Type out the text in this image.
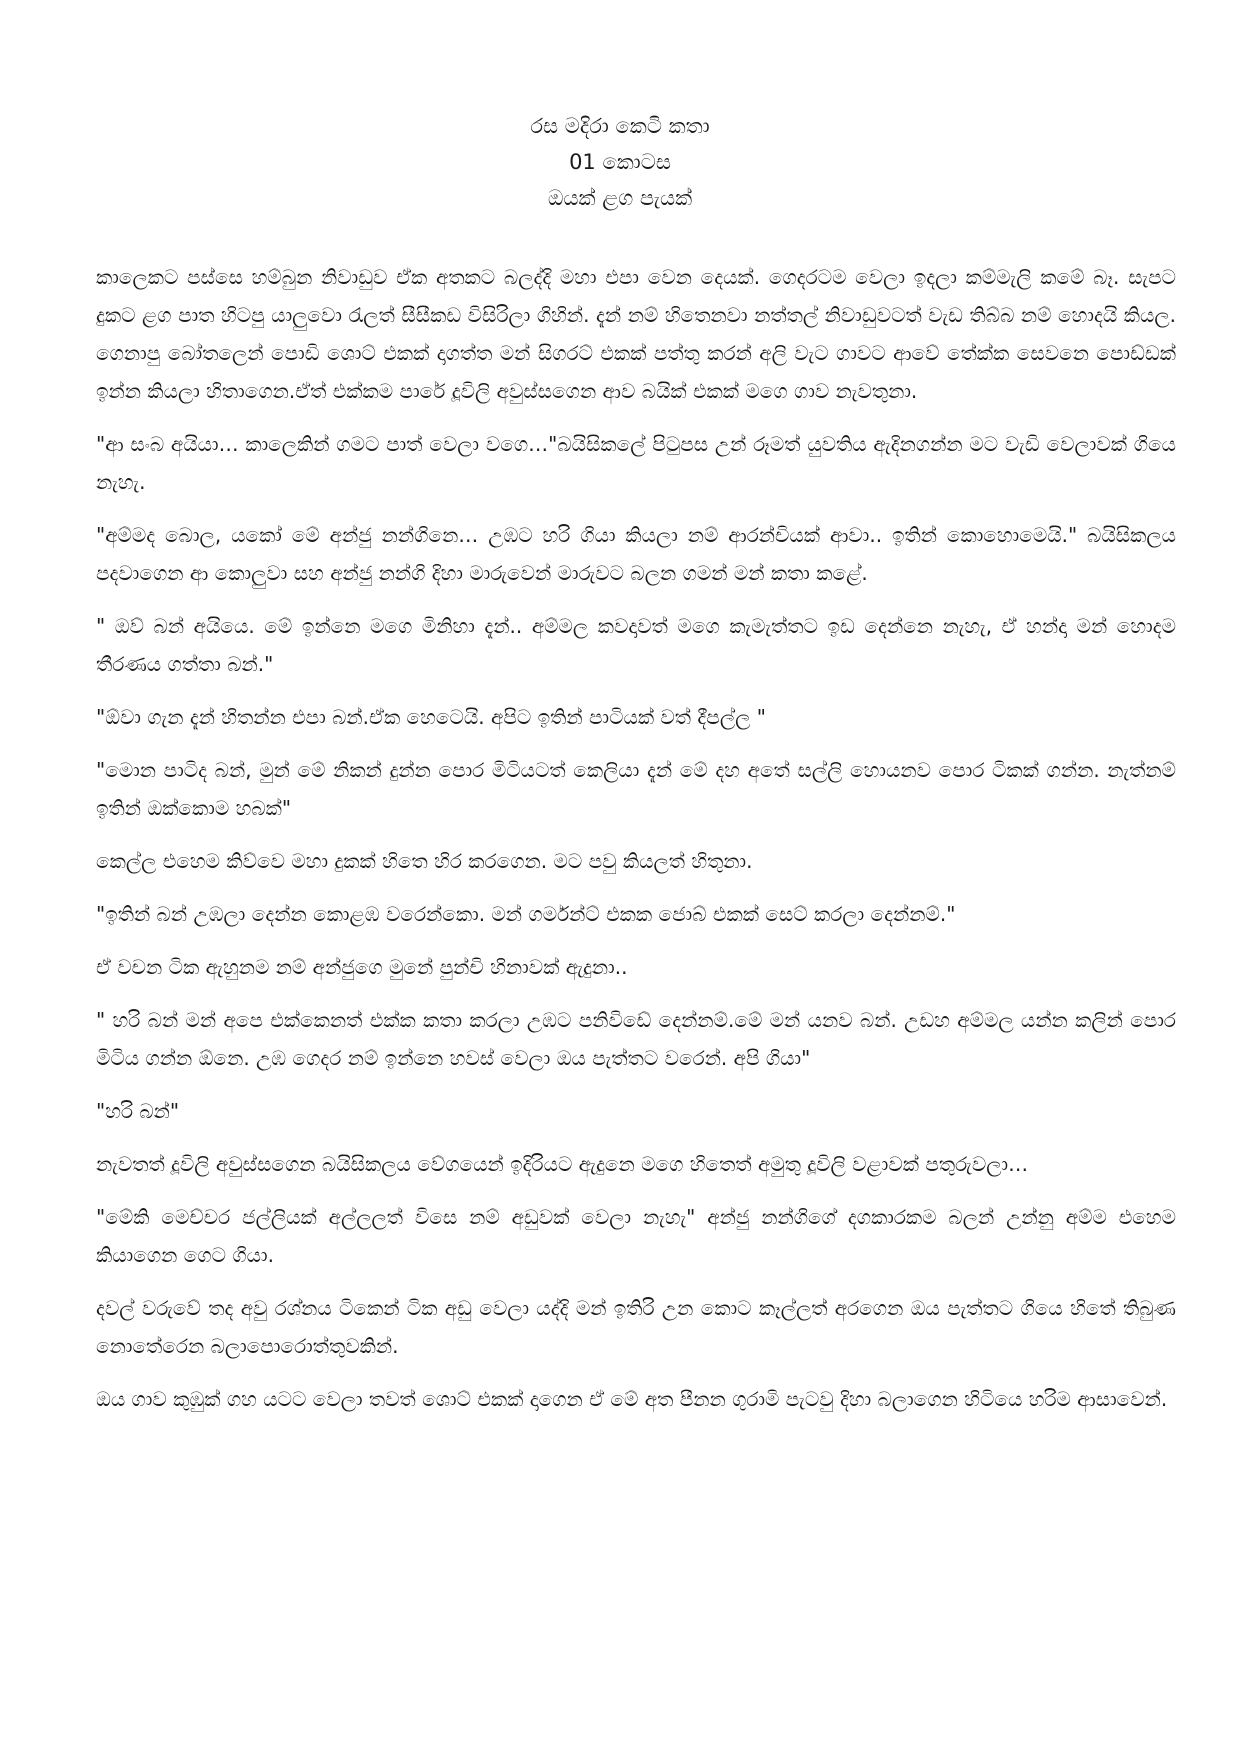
රස මදිරා කෙටි කතා
01 කොටස
ඔයක් ළග පැයක්

කාලෙකට පස්සෙ හම්බුන නිවාඩුව ඒක අතකට බලද්දි මහා එපා වෙන දෙයක්. ගෙදරටම වෙලා ඉදලා කම්මැලි කමේ බෑ. සැපට දුකට ළග පාත හිටපු යාලුවො රැලත් සීසීකඩ විසිරිලා ගිහින්. දැන් නම් හිතෙනවා නත්තල් නිවාඩුවටත් වැඩ තිබ්බ නම් හොදයි කියල. ගෙනාපු බෝතලෙන් පොඩි ශොට් එකක් දාගත්ත මන් සිගරට් එකක් පත්තු කරන් අලි වැට ගාවට ආවේ තේක්ක සෙවනෙ පොඩ්ඩක් ඉන්න කියලා හිතාගෙන.ඒත් එක්කම පාරේ දූවිලි අවුස්සගෙන ආව බයික් එකක් මගෙ ගාව නැවතුනා.

"ආ සංබ අයියා… කාලෙකින් ගමට පාත් වෙලා වගෙ…"බයිසිකලේ පිටුපස උන් රූමත් යුවතිය ඇදිනගන්න මට වැඩි වෙලාවක් ගියෙ නැහැ.

"අම්මද බොල, යකෝ මේ අන්ජු නන්ගිනෙ… උඹට හරි ගියා කියලා නම් ආරන්චියක් ආවා.. ඉතින් කොහොමෙයි." බයිසිකලය පදවාගෙන ආ කොලුවා සහ අන්ජු නන්ගි දිහා මාරුවෙන් මාරුවට බලන ගමන් මන් කතා කළේ.

" ඔව් බන් අයියෙ. මේ ඉන්නෙ මගෙ මිනිහා දැන්.. අම්මල කවදාවත් මගෙ කැමැත්තට ඉඩ දෙන්නෙ නැහැ, ඒ හන්දා මන් හොදම තීරණය ගත්තා බන්."

"ඕවා ගැන දැන් හිතන්න එපා බන්.ඒක හෙටෙයි. අපිට ඉතින් පාටියක් වත් දීපල්ල "

"මොන පාටිද බන්, මුන් මේ නිකන් දුන්න පොර මිටියටත් කෙලියා දැන් මේ දහ අතේ සල්ලි හොයනව පොර ටිකක් ගන්න. නැත්නම් ඉතින් ඔක්කොම හබක්"

කෙල්ල එහෙම කිව්වෙ මහා දුකක් හිතෙ හිර කරගෙන. මට පවු කියලත් හිතුනා.

"ඉතින් බන් උඹලා දෙන්න කොළඹ වරෙන්කො. මන් ගර්මන්ට් එකක ජොබ් එකක් සෙට් කරලා දෙන්නම්."

ඒ වචන ටික ඇහුනම නම් අන්ජුගෙ මුනේ පුන්චි හිනාවක් ඇදුනා..

" හරි බන් මන් අපෙ එක්කෙනත් එක්ක කතා කරලා උඹට පනිවිඩේ දෙන්නම්.මේ මන් යනව බන්. උඩහ අම්මල යන්න කලින් පොර මිටිය ගන්න ඕනෙ. උඹ ගෙදර නම් ඉන්නෙ හවස් වෙලා ඔය පැත්තට වරෙන්. අපි ගියා"

"හරි බන්"

නැවතත් දූවිලි අවුස්සගෙන බයිසිකලය වේගයෙන් ඉදිරියට ඇදුනෙ මගෙ හිතෙත් අමුතු දූවිලි වළාවක් පතුරුවලා…

"මේකි මෙච්චර ජල්ලියක් අල්ලලත් විසෙ නම් අඩුවක් වෙලා නැහැ" අන්ජු නන්ගිගේ දගකාරකම බලන් උන්නු අම්ම එහෙම කියාගෙන ගෙට ගියා.

දවල් වරුවේ තද අවු රශ්නය ටිකෙන් ටික අඩු වෙලා යද්දි මන් ඉතිරි උන කොට කෑල්ලත් අරගෙන ඔය පැත්තට ගියෙ හිතේ තිබුණ නොතේරෙන බලාපොරොත්තුවකින්.

ඔය ගාව කුඹුක් ගහ යටට වෙලා තවත් ශොට් එකක් දාගෙන ඒ මේ අත පීනන ගුරාමි පැටවු දිහා බලාගෙන හිටියෙ හරිම ආසාවෙන්.
